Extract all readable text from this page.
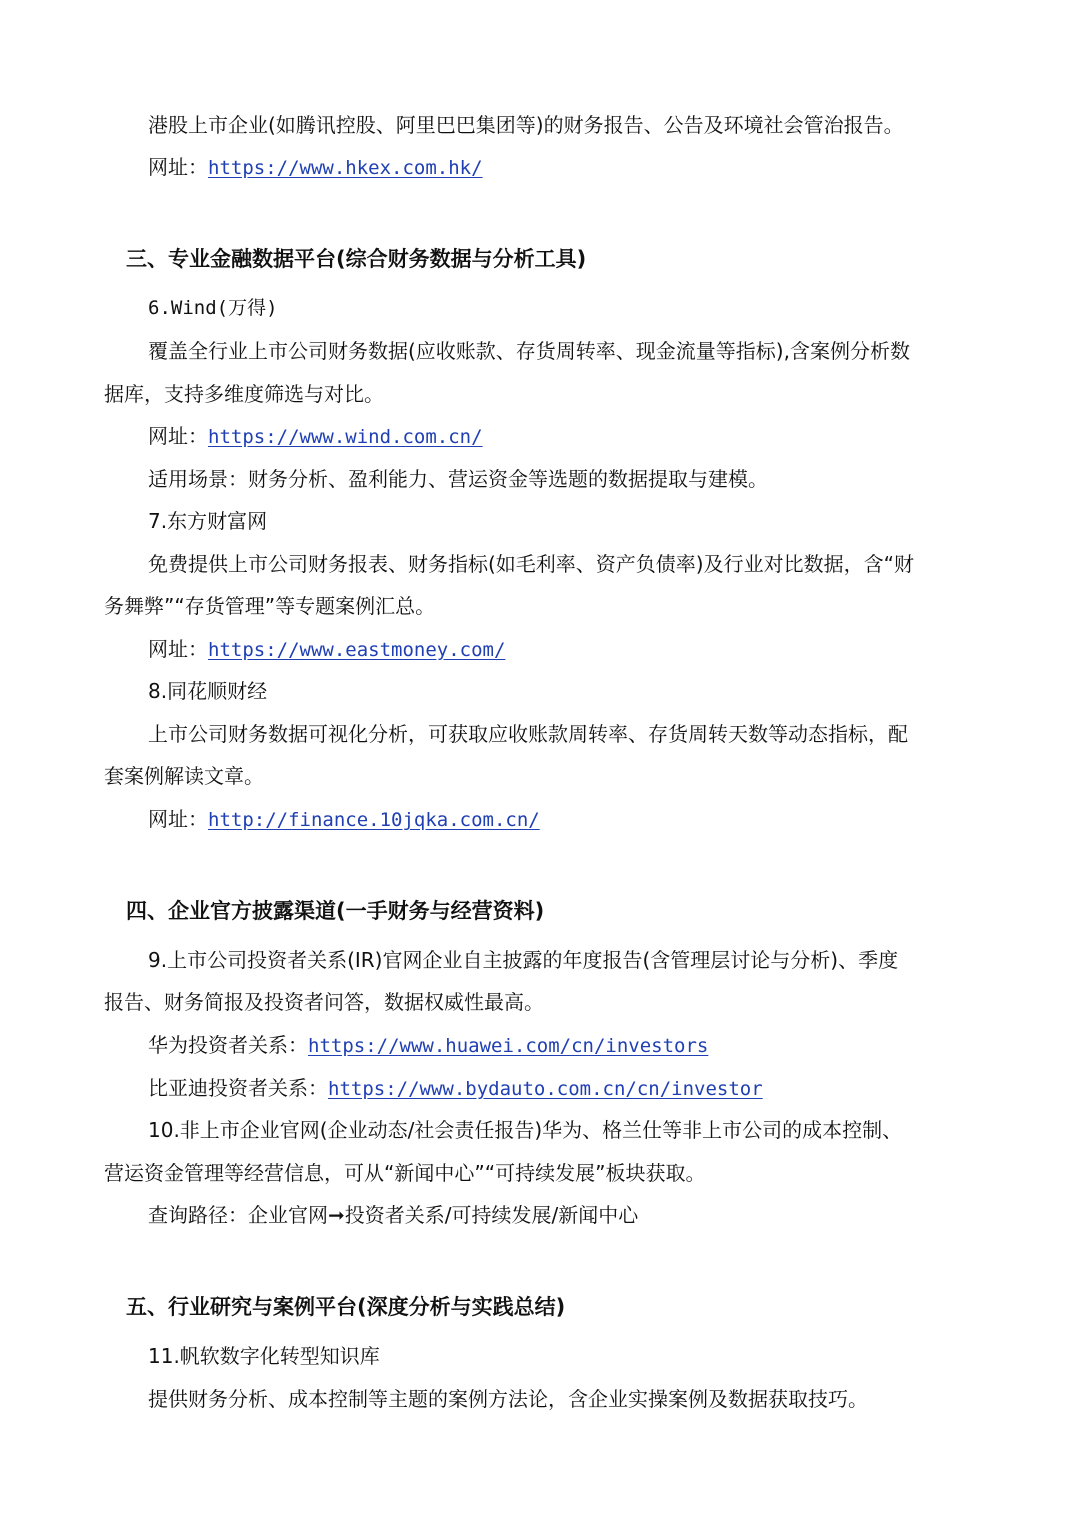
港股上市企业(如腾讯控股、阿里巴巴集团等)的财务报告、公告及环境社会管治报告。
网址：https://www.hkex.com.hk/
三、专业金融数据平台(综合财务数据与分析工具)
6.Wind(万得)
覆盖全行业上市公司财务数据(应收账款、存货周转率、现金流量等指标),含案例分析数
据库，支持多维度筛选与对比。
网址：https://www.wind.com.cn/
适用场景：财务分析、盈利能力、营运资金等选题的数据提取与建模。
7.东方财富网
免费提供上市公司财务报表、财务指标(如毛利率、资产负债率)及行业对比数据，含“财
务舞弊”“存货管理”等专题案例汇总。
网址：https://www.eastmoney.com/
8.同花顺财经
上市公司财务数据可视化分析，可获取应收账款周转率、存货周转天数等动态指标，配
套案例解读文章。
网址：http://finance.10jqka.com.cn/
四、企业官方披露渠道(一手财务与经营资料)
9.上市公司投资者关系(IR)官网企业自主披露的年度报告(含管理层讨论与分析)、季度
报告、财务简报及投资者问答，数据权威性最高。
华为投资者关系：https://www.huawei.com/cn/investors
比亚迪投资者关系：https://www.bydauto.com.cn/cn/investor
10.非上市企业官网(企业动态/社会责任报告)华为、格兰仕等非上市公司的成本控制、
营运资金管理等经营信息，可从“新闻中心”“可持续发展”板块获取。
查询路径：企业官网➞投资者关系/可持续发展/新闻中心
五、行业研究与案例平台(深度分析与实践总结)
11.帆软数字化转型知识库
提供财务分析、成本控制等主题的案例方法论，含企业实操案例及数据获取技巧。
